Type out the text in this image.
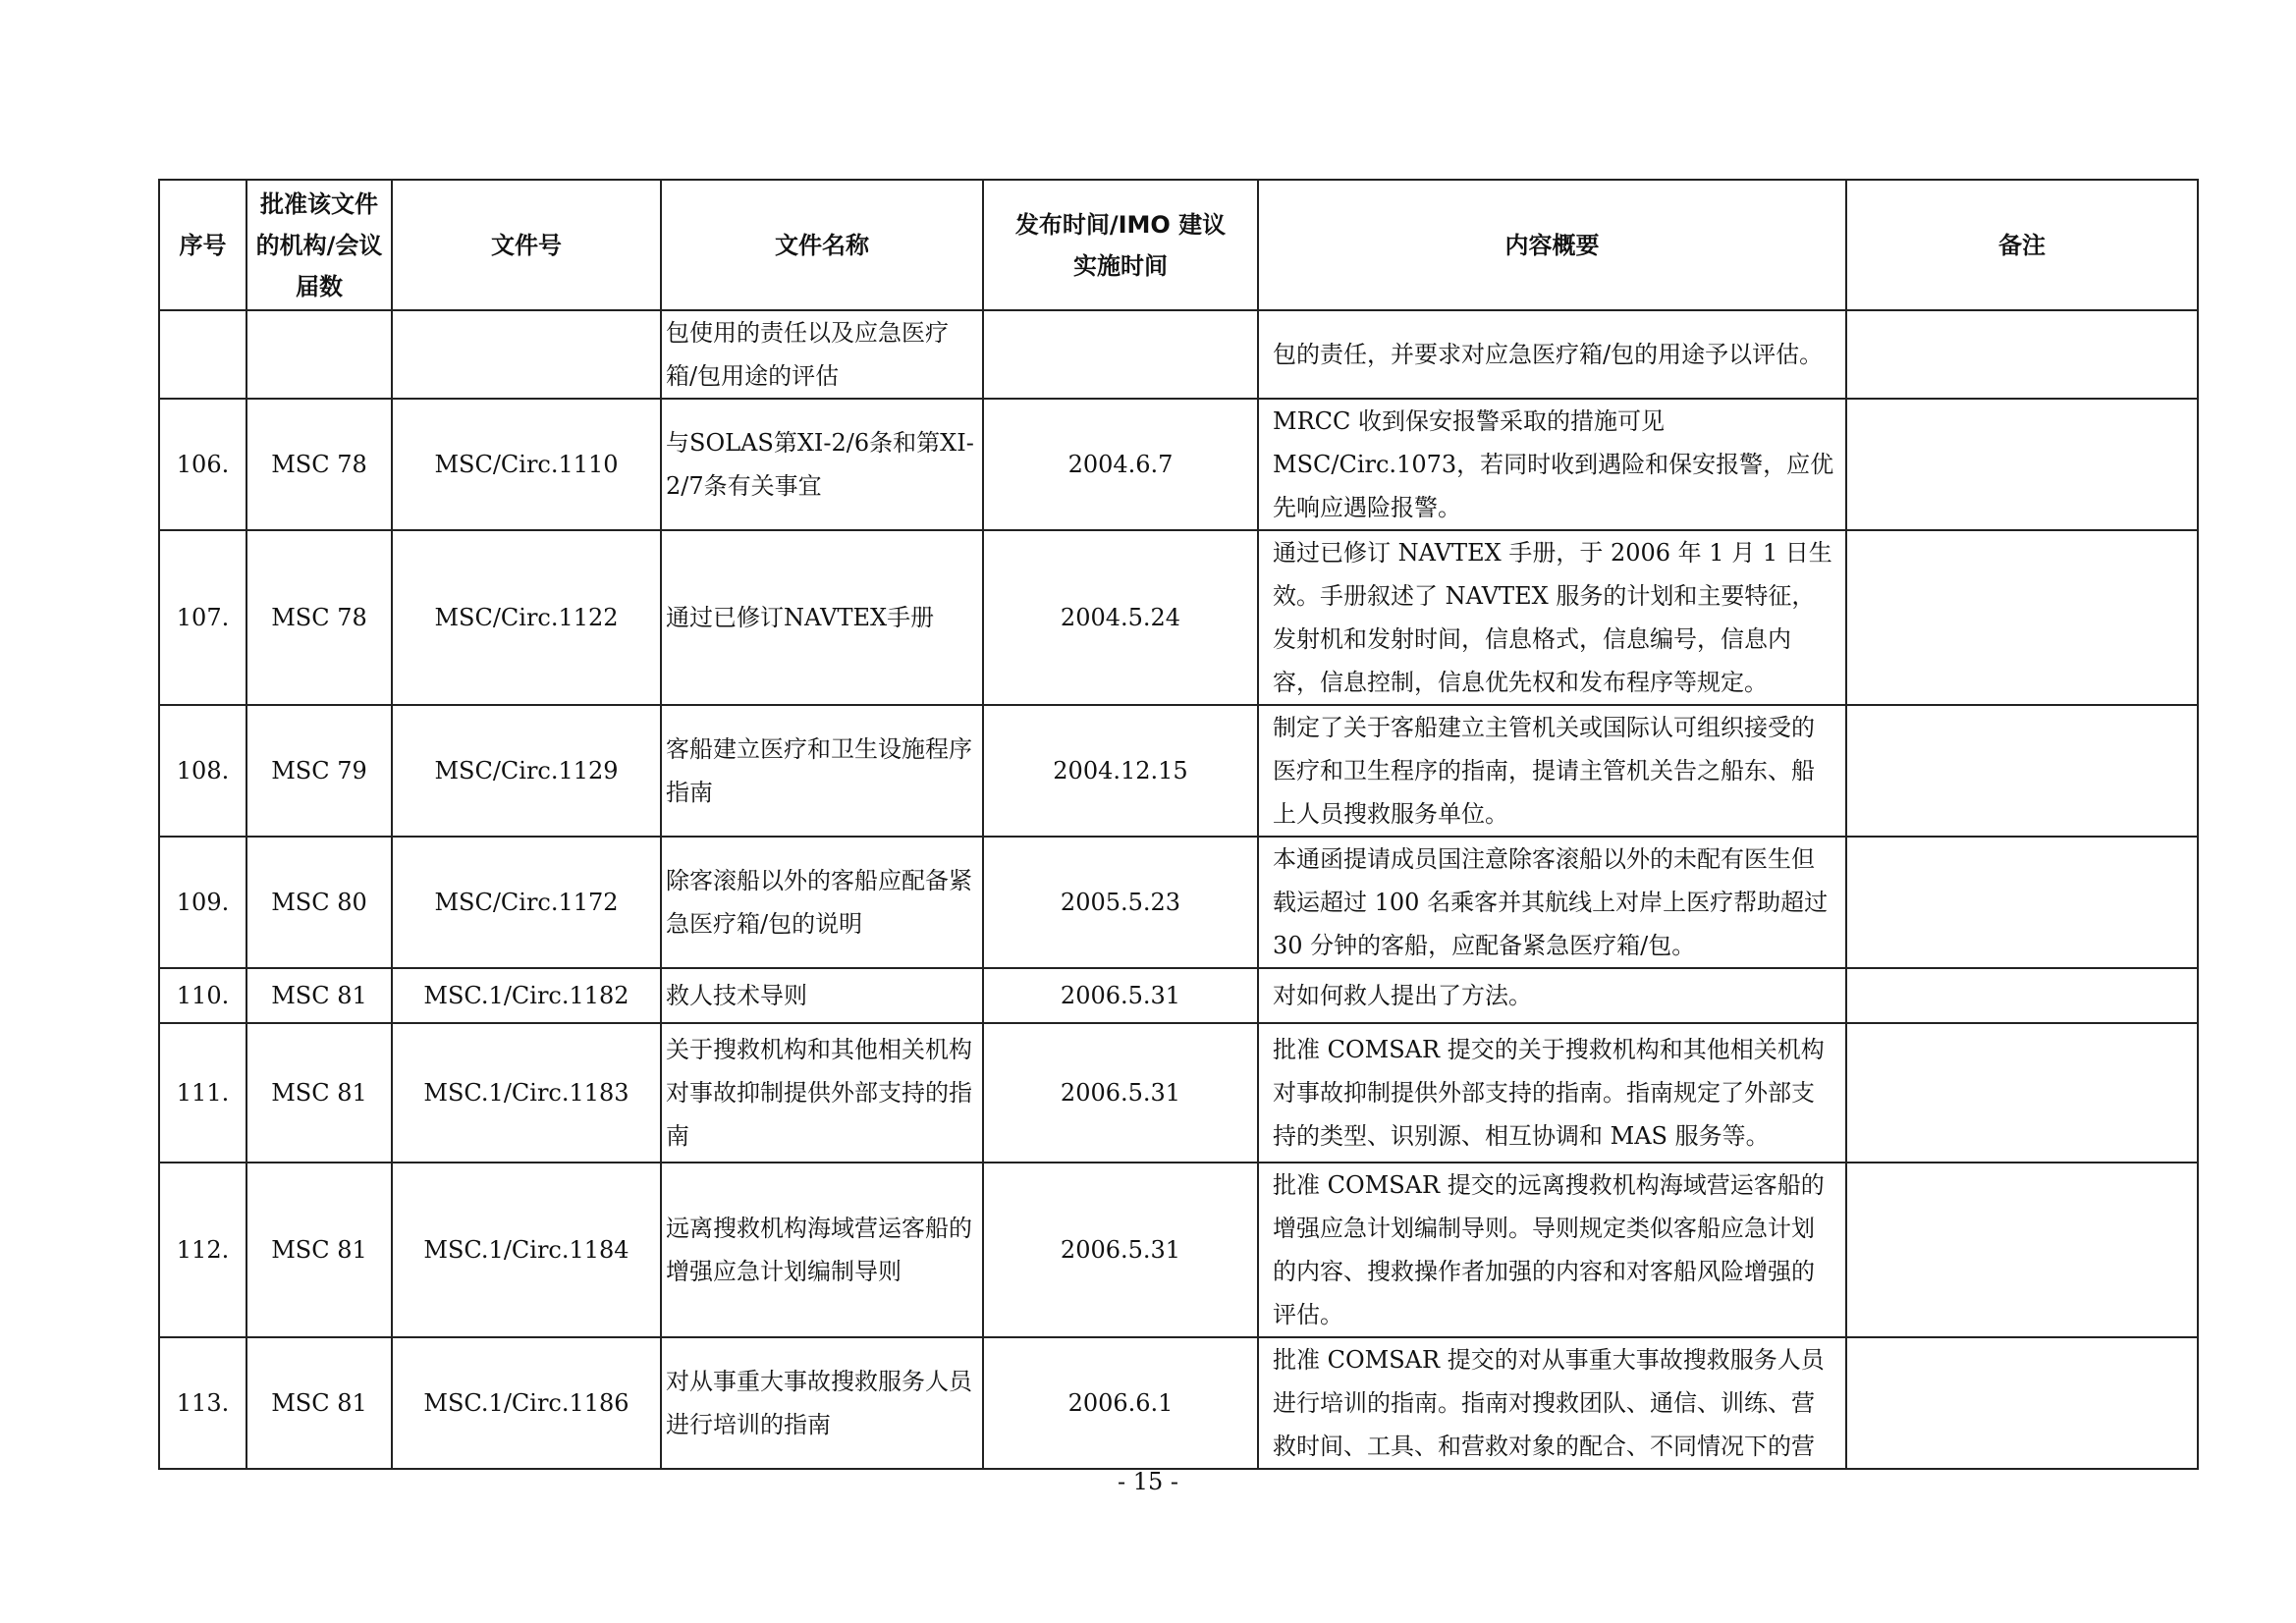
序号	批准该文件的机构/会议届数	文件号	文件名称	发布时间/IMO 建议实施时间	内容概要	备注
			包使用的责任以及应急医疗箱/包用途的评估		包的责任，并要求对应急医疗箱/包的用途予以评估。	
106.	MSC 78	MSC/Circ.1110	与SOLAS第XI-2/6条和第XI-2/7条有关事宜	2004.6.7	MRCC 收到保安报警采取的措施可见MSC/Circ.1073，若同时收到遇险和保安报警，应优先响应遇险报警。	
107.	MSC 78	MSC/Circ.1122	通过已修订NAVTEX手册	2004.5.24	通过已修订 NAVTEX 手册，于 2006 年 1 月 1 日生效。手册叙述了 NAVTEX 服务的计划和主要特征，发射机和发射时间，信息格式，信息编号，信息内容，信息控制，信息优先权和发布程序等规定。	
108.	MSC 79	MSC/Circ.1129	客船建立医疗和卫生设施程序指南	2004.12.15	制定了关于客船建立主管机关或国际认可组织接受的医疗和卫生程序的指南，提请主管机关告之船东、船上人员搜救服务单位。	
109.	MSC 80	MSC/Circ.1172	除客滚船以外的客船应配备紧急医疗箱/包的说明	2005.5.23	本通函提请成员国注意除客滚船以外的未配有医生但载运超过 100 名乘客并其航线上对岸上医疗帮助超过 30 分钟的客船，应配备紧急医疗箱/包。	
110.	MSC 81	MSC.1/Circ.1182	救人技术导则	2006.5.31	对如何救人提出了方法。	
111.	MSC 81	MSC.1/Circ.1183	关于搜救机构和其他相关机构对事故抑制提供外部支持的指南	2006.5.31	批准 COMSAR 提交的关于搜救机构和其他相关机构对事故抑制提供外部支持的指南。指南规定了外部支持的类型、识别源、相互协调和 MAS 服务等。	
112.	MSC 81	MSC.1/Circ.1184	远离搜救机构海域营运客船的增强应急计划编制导则	2006.5.31	批准 COMSAR 提交的远离搜救机构海域营运客船的增强应急计划编制导则。导则规定类似客船应急计划的内容、搜救操作者加强的内容和对客船风险增强的评估。	
113.	MSC 81	MSC.1/Circ.1186	对从事重大事故搜救服务人员进行培训的指南	2006.6.1	批准 COMSAR 提交的对从事重大事故搜救服务人员进行培训的指南。指南对搜救团队、通信、训练、营救时间、工具、和营救对象的配合、不同情况下的营	
- 15 -
